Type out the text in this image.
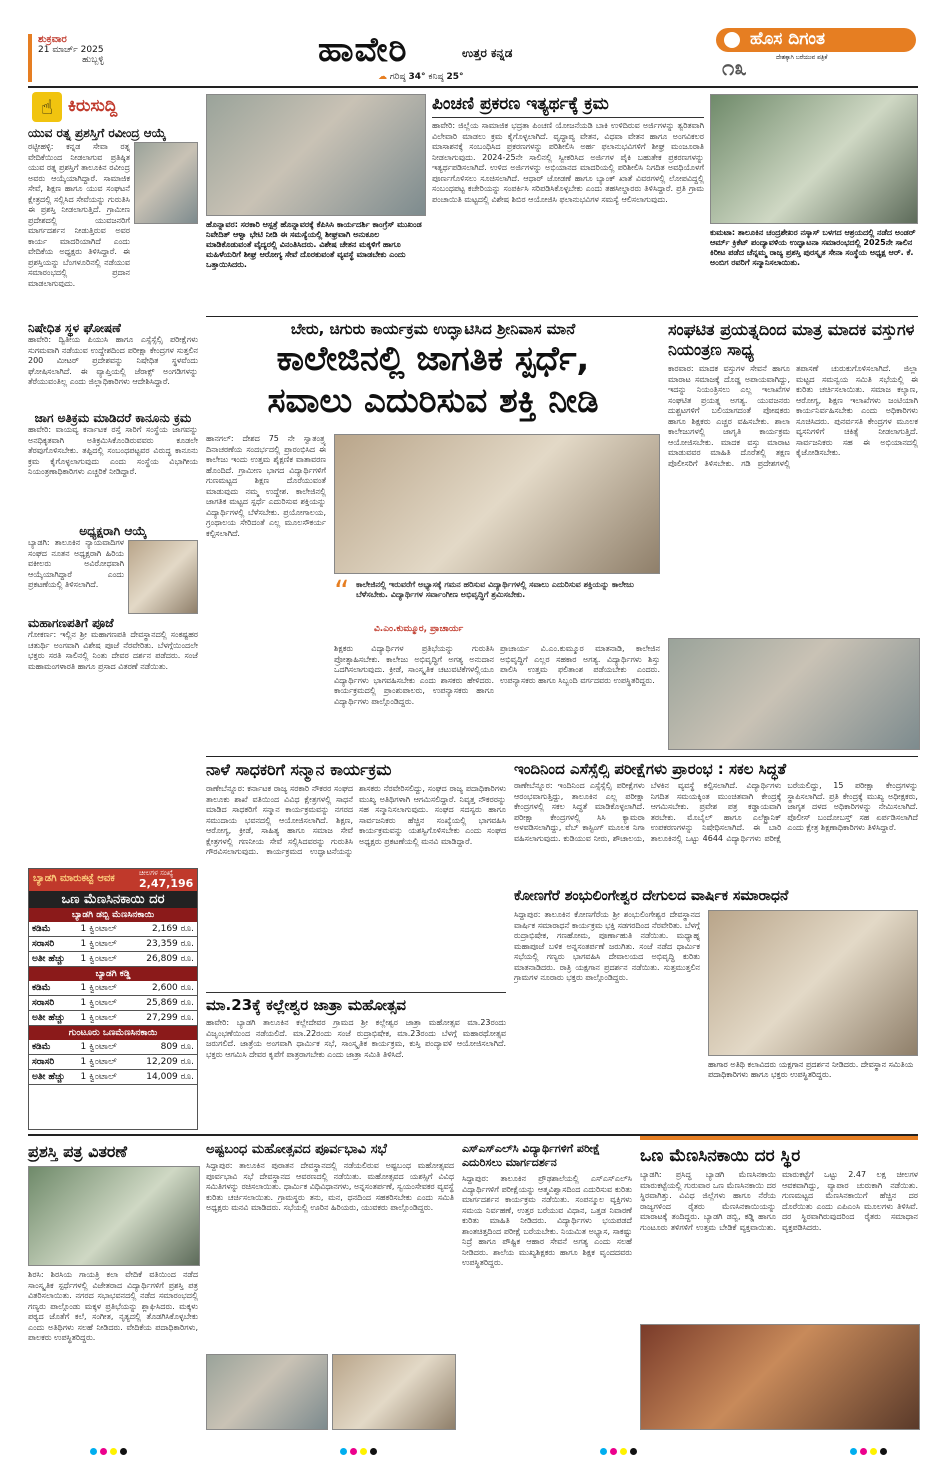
ಶುಕ್ರವಾರ
21 ಮಾರ್ಚ್ 2025
ಹುಬ್ಬಳ್ಳಿ	ಹಾವೇರಿ	ಉತ್ತರ ಕನ್ನಡ
☁ ಗರಿಷ್ಠ 34° ಕನಿಷ್ಠ 25°
ಹೊಸ ದಿಗಂತ
ದೇಶಕ್ಕಾಗಿ ಬರೆಯುವ ಪತ್ರಿಕೆ
೧೩
☝ ಕಿರುಸುದ್ದಿ
ಯುವ ರತ್ನ ಪ್ರಶಸ್ತಿಗೆ ರವೀಂದ್ರ ಆಯ್ಕೆ
ರಟ್ಟೀಹಳ್ಳಿ: ಕನ್ನಡ ಸೇವಾ ರತ್ನ ವೇದಿಕೆಯಿಂದ ನೀಡಲಾಗುವ ಪ್ರತಿಷ್ಠಿತ ಯುವ ರತ್ನ ಪ್ರಶಸ್ತಿಗೆ ತಾಲೂಕಿನ ರವೀಂದ್ರ ಅವರು ಆಯ್ಕೆಯಾಗಿದ್ದಾರೆ. ಸಾಮಾಜಿಕ ಸೇವೆ, ಶಿಕ್ಷಣ ಹಾಗೂ ಯುವ ಸಂಘಟನೆ ಕ್ಷೇತ್ರದಲ್ಲಿ ಸಲ್ಲಿಸಿದ ಸೇವೆಯನ್ನು ಗುರುತಿಸಿ ಈ ಪ್ರಶಸ್ತಿ ನೀಡಲಾಗುತ್ತಿದೆ. ಗ್ರಾಮೀಣ ಪ್ರದೇಶದಲ್ಲಿ ಯುವಜನರಿಗೆ ಮಾರ್ಗದರ್ಶನ ನೀಡುತ್ತಿರುವ ಅವರ ಕಾರ್ಯ ಮಾದರಿಯಾಗಿದೆ ಎಂದು ವೇದಿಕೆಯ ಅಧ್ಯಕ್ಷರು ತಿಳಿಸಿದ್ದಾರೆ. ಈ ಪ್ರಶಸ್ತಿಯನ್ನು ಬೆಂಗಳೂರಿನಲ್ಲಿ ನಡೆಯುವ ಸಮಾರಂಭದಲ್ಲಿ ಪ್ರದಾನ ಮಾಡಲಾಗುವುದು.
ನಿಷೇಧಿತ ಸ್ಥಳ ಘೋಷಣೆ
ಹಾವೇರಿ: ದ್ವಿತೀಯ ಪಿಯುಸಿ ಹಾಗೂ ಎಸ್ಸೆಸ್ಸೆಲ್ಸಿ ಪರೀಕ್ಷೆಗಳು ಸುಗಮವಾಗಿ ನಡೆಯುವ ಉದ್ದೇಶದಿಂದ ಪರೀಕ್ಷಾ ಕೇಂದ್ರಗಳ ಸುತ್ತಲಿನ 200 ಮೀಟರ್ ಪ್ರದೇಶವನ್ನು ನಿಷೇಧಿತ ಸ್ಥಳವೆಂದು ಘೋಷಿಸಲಾಗಿದೆ. ಈ ವ್ಯಾಪ್ತಿಯಲ್ಲಿ ಜೆರಾಕ್ಸ್ ಅಂಗಡಿಗಳನ್ನು ತೆರೆಯುವಂತಿಲ್ಲ ಎಂದು ಜಿಲ್ಲಾಧಿಕಾರಿಗಳು ಆದೇಶಿಸಿದ್ದಾರೆ.
ಜಾಗ ಅತಿಕ್ರಮ ಮಾಡಿದರೆ ಕಾನೂನು ಕ್ರಮ
ಹಾವೇರಿ: ವಾಯವ್ಯ ಕರ್ನಾಟಕ ರಸ್ತೆ ಸಾರಿಗೆ ಸಂಸ್ಥೆಯ ಜಾಗವನ್ನು ಅನಧಿಕೃತವಾಗಿ ಅತಿಕ್ರಮಿಸಿಕೊಂಡಿರುವವರು ಕೂಡಲೇ ತೆರವುಗೊಳಿಸಬೇಕು. ತಪ್ಪಿದಲ್ಲಿ ಸಂಬಂಧಪಟ್ಟವರ ವಿರುದ್ಧ ಕಾನೂನು ಕ್ರಮ ಕೈಗೊಳ್ಳಲಾಗುವುದು ಎಂದು ಸಂಸ್ಥೆಯ ವಿಭಾಗೀಯ ನಿಯಂತ್ರಣಾಧಿಕಾರಿಗಳು ಎಚ್ಚರಿಕೆ ನೀಡಿದ್ದಾರೆ.
ಅಧ್ಯಕ್ಷರಾಗಿ ಆಯ್ಕೆ
ಬ್ಯಾಡಗಿ: ತಾಲೂಕಿನ ನ್ಯಾಯವಾದಿಗಳ ಸಂಘದ ನೂತನ ಅಧ್ಯಕ್ಷರಾಗಿ ಹಿರಿಯ ವಕೀಲರು ಅವಿರೋಧವಾಗಿ ಆಯ್ಕೆಯಾಗಿದ್ದಾರೆ ಎಂದು ಪ್ರಕಟಣೆಯಲ್ಲಿ ತಿಳಿಸಲಾಗಿದೆ.
ಮಹಾಗಣಪತಿಗೆ ಪೂಜೆ
ಗೋಕರ್ಣ: ಇಲ್ಲಿನ ಶ್ರೀ ಮಹಾಗಣಪತಿ ದೇವಸ್ಥಾನದಲ್ಲಿ ಸಂಕಷ್ಟಹರ ಚತುರ್ಥಿ ಅಂಗವಾಗಿ ವಿಶೇಷ ಪೂಜೆ ನೆರವೇರಿತು. ಬೆಳಗ್ಗೆಯಿಂದಲೇ ಭಕ್ತರು ಸರತಿ ಸಾಲಿನಲ್ಲಿ ನಿಂತು ದೇವರ ದರ್ಶನ ಪಡೆದರು. ಸಂಜೆ ಮಹಾಮಂಗಳಾರತಿ ಹಾಗೂ ಪ್ರಸಾದ ವಿತರಣೆ ನಡೆಯಿತು.
ಬ್ಯಾಡಗಿ ಮಾರುಕಟ್ಟೆ ಆವಕ	ಚೀಲಗಳ ಸಂಖ್ಯೆ
2,47,196
ಒಣ ಮೆಣಸಿನಕಾಯಿ ದರ
ಬ್ಯಾಡಗಿ ಡಬ್ಬಿ ಮೆಣಸಿನಕಾಯಿ
ಕಡಿಮೆ	1 ಕ್ವಿಂಟಾಲ್	2,169 ರೂ.
ಸರಾಸರಿ	1 ಕ್ವಿಂಟಾಲ್	23,359 ರೂ.
ಅತೀ ಹೆಚ್ಚು	1 ಕ್ವಿಂಟಾಲ್	26,809 ರೂ.
ಬ್ಯಾಡಗಿ ಕಡ್ಡಿ
ಕಡಿಮೆ	1 ಕ್ವಿಂಟಾಲ್	2,600 ರೂ.
ಸರಾಸರಿ	1 ಕ್ವಿಂಟಾಲ್	25,869 ರೂ.
ಅತೀ ಹೆಚ್ಚು	1 ಕ್ವಿಂಟಾಲ್	27,299 ರೂ.
ಗುಂಟೂರು ಒಣಮೆಣಸಿನಕಾಯಿ
ಕಡಿಮೆ	1 ಕ್ವಿಂಟಾಲ್	809 ರೂ.
ಸರಾಸರಿ	1 ಕ್ವಿಂಟಾಲ್	12,209 ರೂ.
ಅತೀ ಹೆಚ್ಚು	1 ಕ್ವಿಂಟಾಲ್	14,009 ರೂ.
ಹೊನ್ನಾವರ: ಸರಕಾರಿ ಆಸ್ಪತ್ರೆ ಹೊನ್ನಾವರಕ್ಕೆ ಕೆಪಿಸಿಸಿ ಕಾರ್ಯದರ್ಶಿ ಕಾಂಗ್ರೆಸ್ ಮುಖಂಡ ನಿವೇದಿತ್ ಆಳ್ವಾ ಭೇಟಿ ನೀಡಿ ಈ ಸಮಸ್ಯೆಯಲ್ಲಿ ಶೀಘ್ರವಾಗಿ ಅನುಕೂಲ ಮಾಡಿಕೊಡುವಂತೆ ವೈದ್ಯರಲ್ಲಿ ವಿನಂತಿಸಿದರು. ವಿಶೇಷ ಚೇತನ ಮಕ್ಕಳಿಗೆ ಹಾಗೂ ಮಹಿಳೆಯರಿಗೆ ಶೀಘ್ರ ಆರೋಗ್ಯ ಸೇವೆ ದೊರಕುವಂತೆ ವ್ಯವಸ್ಥೆ ಮಾಡಬೇಕು ಎಂದು ಒತ್ತಾಯಿಸಿದರು.
ಪಿಂಚಣಿ ಪ್ರಕರಣ ಇತ್ಯರ್ಥಕ್ಕೆ ಕ್ರಮ
ಹಾವೇರಿ: ಜಿಲ್ಲೆಯ ಸಾಮಾಜಿಕ ಭದ್ರತಾ ಪಿಂಚಣಿ ಯೋಜನೆಯಡಿ ಬಾಕಿ ಉಳಿದಿರುವ ಅರ್ಜಿಗಳನ್ನು ತ್ವರಿತವಾಗಿ ವಿಲೇವಾರಿ ಮಾಡಲು ಕ್ರಮ ಕೈಗೊಳ್ಳಲಾಗಿದೆ. ವೃದ್ಧಾಪ್ಯ ವೇತನ, ವಿಧವಾ ವೇತನ ಹಾಗೂ ಅಂಗವಿಕಲರ ಮಾಸಾಶನಕ್ಕೆ ಸಂಬಂಧಿಸಿದ ಪ್ರಕರಣಗಳನ್ನು ಪರಿಶೀಲಿಸಿ ಅರ್ಹ ಫಲಾನುಭವಿಗಳಿಗೆ ಶೀಘ್ರ ಮಂಜೂರಾತಿ ನೀಡಲಾಗುವುದು. 2024-25ನೇ ಸಾಲಿನಲ್ಲಿ ಸ್ವೀಕರಿಸಿದ ಅರ್ಜಿಗಳ ಪೈಕಿ ಬಹುತೇಕ ಪ್ರಕರಣಗಳನ್ನು ಇತ್ಯರ್ಥಪಡಿಸಲಾಗಿದೆ. ಉಳಿದ ಅರ್ಜಿಗಳನ್ನು ಅಭಿಯಾನದ ಮಾದರಿಯಲ್ಲಿ ಪರಿಶೀಲಿಸಿ ನಿಗದಿತ ಅವಧಿಯೊಳಗೆ ಪೂರ್ಣಗೊಳಿಸಲು ಸೂಚಿಸಲಾಗಿದೆ. ಆಧಾರ್ ಜೋಡಣೆ ಹಾಗೂ ಬ್ಯಾಂಕ್ ಖಾತೆ ವಿವರಗಳಲ್ಲಿ ಲೋಪವಿದ್ದಲ್ಲಿ ಸಂಬಂಧಪಟ್ಟ ಕಚೇರಿಯನ್ನು ಸಂಪರ್ಕಿಸಿ ಸರಿಪಡಿಸಿಕೊಳ್ಳಬೇಕು ಎಂದು ತಹಸೀಲ್ದಾರರು ತಿಳಿಸಿದ್ದಾರೆ. ಪ್ರತಿ ಗ್ರಾಮ ಪಂಚಾಯಿತಿ ಮಟ್ಟದಲ್ಲಿ ವಿಶೇಷ ಶಿಬಿರ ಆಯೋಜಿಸಿ ಫಲಾನುಭವಿಗಳ ಸಮಸ್ಯೆ ಆಲಿಸಲಾಗುವುದು.
ಕುಮಟಾ: ತಾಲೂಕಿನ ಚಂದ್ರಶೇಖರ ನಸ್ಕಾಸ್ ಬಳಗದ ಆಶ್ರಯದಲ್ಲಿ ನಡೆದ ಅಂಡರ್ ಆರ್ಮ್ ಕ್ರಿಕೆಟ್ ಪಂದ್ಯಾವಳಿಯ ಉದ್ಘಾಟನಾ ಸಮಾರಂಭದಲ್ಲಿ 2025ನೇ ಸಾಲಿನ ಕಿರೀಟ ಪಡೆದ ಚೆನ್ನಮ್ಮ ರಾಜ್ಯ ಪ್ರಶಸ್ತಿ ಪುರಸ್ಕೃತ ಸೇನಾ ಸಂಸ್ಥೆಯ ಅಧ್ಯಕ್ಷ ಆರ್. ಕೆ. ಅಂಬಿಗ ರವರಿಗೆ ಸನ್ಮಾನಿಸಲಾಯಿತು.
ಬೇರು, ಚಿಗುರು ಕಾರ್ಯಕ್ರಮ ಉದ್ಘಾಟಿಸಿದ ಶ್ರೀನಿವಾಸ ಮಾನೆ
ಕಾಲೇಜಿನಲ್ಲಿ ಜಾಗತಿಕ ಸ್ಪರ್ಧೆ,
ಸವಾಲು ಎದುರಿಸುವ ಶಕ್ತಿ ನೀಡಿ
ಹಾನಗಲ್: ದೇಶದ 75 ನೇ ಸ್ವಾತಂತ್ರ್ಯ ದಿನಾಚರಣೆಯ ಸಂದರ್ಭದಲ್ಲಿ ಪ್ರಾರಂಭಿಸಿದ ಈ ಕಾಲೇಜು ಇಂದು ಉತ್ತಮ ಶೈಕ್ಷಣಿಕ ವಾತಾವರಣ ಹೊಂದಿದೆ. ಗ್ರಾಮೀಣ ಭಾಗದ ವಿದ್ಯಾರ್ಥಿಗಳಿಗೆ ಗುಣಮಟ್ಟದ ಶಿಕ್ಷಣ ದೊರೆಯುವಂತೆ ಮಾಡುವುದು ನಮ್ಮ ಉದ್ದೇಶ. ಕಾಲೇಜಿನಲ್ಲಿ ಜಾಗತಿಕ ಮಟ್ಟದ ಸ್ಪರ್ಧೆ ಎದುರಿಸುವ ಶಕ್ತಿಯನ್ನು ವಿದ್ಯಾರ್ಥಿಗಳಲ್ಲಿ ಬೆಳೆಸಬೇಕು. ಪ್ರಯೋಗಾಲಯ, ಗ್ರಂಥಾಲಯ ಸೇರಿದಂತೆ ಎಲ್ಲ ಮೂಲಸೌಕರ್ಯ ಕಲ್ಪಿಸಲಾಗಿದೆ.
“ ಕಾಲೇಜಿನಲ್ಲಿ ಇರುವರೆಗೆ ಅಭ್ಯಾಸಕ್ಕೆ ಗಮನ ಹರಿಸುವ ವಿದ್ಯಾರ್ಥಿಗಳಲ್ಲಿ ಸವಾಲು ಎದುರಿಸುವ ಶಕ್ತಿಯನ್ನು ಕಾಲೇಜು ಬೆಳೆಸಬೇಕು. ವಿದ್ಯಾರ್ಥಿಗಳ ಸರ್ವಾಂಗೀಣ ಅಭಿವೃದ್ಧಿಗೆ ಶ್ರಮಿಸಬೇಕು.
ವಿ.ಎಂ.ಕುಮ್ಮೂರ, ಪ್ರಾಚಾರ್ಯ
ಶಿಕ್ಷಕರು ವಿದ್ಯಾರ್ಥಿಗಳ ಪ್ರತಿಭೆಯನ್ನು ಗುರುತಿಸಿ ಪ್ರೋತ್ಸಾಹಿಸಬೇಕು. ಕಾಲೇಜು ಅಭಿವೃದ್ಧಿಗೆ ಅಗತ್ಯ ಅನುದಾನ ಒದಗಿಸಲಾಗುವುದು. ಕ್ರೀಡೆ, ಸಾಂಸ್ಕೃತಿಕ ಚಟುವಟಿಕೆಗಳಲ್ಲಿಯೂ ವಿದ್ಯಾರ್ಥಿಗಳು ಭಾಗವಹಿಸಬೇಕು ಎಂದು ಶಾಸಕರು ಹೇಳಿದರು. ಕಾರ್ಯಕ್ರಮದಲ್ಲಿ ಪ್ರಾಂಶುಪಾಲರು, ಉಪನ್ಯಾಸಕರು ಹಾಗೂ ವಿದ್ಯಾರ್ಥಿಗಳು ಪಾಲ್ಗೊಂಡಿದ್ದರು.
ಪ್ರಾಚಾರ್ಯ ವಿ.ಎಂ.ಕುಮ್ಮೂರ ಮಾತನಾಡಿ, ಕಾಲೇಜಿನ ಅಭಿವೃದ್ಧಿಗೆ ಎಲ್ಲರ ಸಹಕಾರ ಅಗತ್ಯ. ವಿದ್ಯಾರ್ಥಿಗಳು ಶಿಸ್ತು ಪಾಲಿಸಿ ಉತ್ತಮ ಫಲಿತಾಂಶ ಪಡೆಯಬೇಕು ಎಂದರು. ಉಪನ್ಯಾಸಕರು ಹಾಗೂ ಸಿಬ್ಬಂದಿ ವರ್ಗದವರು ಉಪಸ್ಥಿತರಿದ್ದರು.
ಸಂಘಟಿತ ಪ್ರಯತ್ನದಿಂದ ಮಾತ್ರ ಮಾದಕ ವಸ್ತುಗಳ ನಿಯಂತ್ರಣ ಸಾಧ್ಯ
ಕಾರವಾರ: ಮಾದಕ ವಸ್ತುಗಳ ಸೇವನೆ ಹಾಗೂ ಮಾರಾಟ ಸಮಾಜಕ್ಕೆ ದೊಡ್ಡ ಅಪಾಯವಾಗಿದ್ದು, ಇದನ್ನು ನಿಯಂತ್ರಿಸಲು ಎಲ್ಲ ಇಲಾಖೆಗಳ ಸಂಘಟಿತ ಪ್ರಯತ್ನ ಅಗತ್ಯ. ಯುವಜನರು ದುಶ್ಚಟಗಳಿಗೆ ಬಲಿಯಾಗದಂತೆ ಪೋಷಕರು ಹಾಗೂ ಶಿಕ್ಷಕರು ಎಚ್ಚರ ವಹಿಸಬೇಕು. ಶಾಲಾ ಕಾಲೇಜುಗಳಲ್ಲಿ ಜಾಗೃತಿ ಕಾರ್ಯಕ್ರಮ ಆಯೋಜಿಸಬೇಕು. ಮಾದಕ ವಸ್ತು ಮಾರಾಟ ಮಾಡುವವರ ಮಾಹಿತಿ ದೊರೆತಲ್ಲಿ ತಕ್ಷಣ ಪೊಲೀಸರಿಗೆ ತಿಳಿಸಬೇಕು. ಗಡಿ ಪ್ರದೇಶಗಳಲ್ಲಿ ತಪಾಸಣೆ ಚುರುಕುಗೊಳಿಸಲಾಗಿದೆ. ಜಿಲ್ಲಾ ಮಟ್ಟದ ಸಮನ್ವಯ ಸಮಿತಿ ಸಭೆಯಲ್ಲಿ ಈ ಕುರಿತು ಚರ್ಚಿಸಲಾಯಿತು. ಸಮಾಜ ಕಲ್ಯಾಣ, ಆರೋಗ್ಯ, ಶಿಕ್ಷಣ ಇಲಾಖೆಗಳು ಜಂಟಿಯಾಗಿ ಕಾರ್ಯನಿರ್ವಹಿಸಬೇಕು ಎಂದು ಅಧಿಕಾರಿಗಳು ಸೂಚಿಸಿದರು. ಪುನರ್ವಸತಿ ಕೇಂದ್ರಗಳ ಮೂಲಕ ವ್ಯಸನಿಗಳಿಗೆ ಚಿಕಿತ್ಸೆ ನೀಡಲಾಗುತ್ತಿದೆ. ಸಾರ್ವಜನಿಕರು ಸಹ ಈ ಅಭಿಯಾನದಲ್ಲಿ ಕೈಜೋಡಿಸಬೇಕು.
ನಾಳೆ ಸಾಧಕರಿಗೆ ಸನ್ಮಾನ ಕಾರ್ಯಕ್ರಮ
ರಾಣೇಬೆನ್ನೂರ: ಕರ್ನಾಟಕ ರಾಜ್ಯ ಸರಕಾರಿ ನೌಕರರ ಸಂಘದ ತಾಲೂಕು ಶಾಖೆ ವತಿಯಿಂದ ವಿವಿಧ ಕ್ಷೇತ್ರಗಳಲ್ಲಿ ಸಾಧನೆ ಮಾಡಿದ ಸಾಧಕರಿಗೆ ಸನ್ಮಾನ ಕಾರ್ಯಕ್ರಮವನ್ನು ನಗರದ ಸಮುದಾಯ ಭವನದಲ್ಲಿ ಆಯೋಜಿಸಲಾಗಿದೆ. ಶಿಕ್ಷಣ, ಆರೋಗ್ಯ, ಕ್ರೀಡೆ, ಸಾಹಿತ್ಯ ಹಾಗೂ ಸಮಾಜ ಸೇವೆ ಕ್ಷೇತ್ರಗಳಲ್ಲಿ ಗಣನೀಯ ಸೇವೆ ಸಲ್ಲಿಸಿದವರನ್ನು ಗುರುತಿಸಿ ಗೌರವಿಸಲಾಗುವುದು. ಕಾರ್ಯಕ್ರಮದ ಉದ್ಘಾಟನೆಯನ್ನು ಶಾಸಕರು ನೆರವೇರಿಸಲಿದ್ದು, ಸಂಘದ ರಾಜ್ಯ ಪದಾಧಿಕಾರಿಗಳು ಮುಖ್ಯ ಅತಿಥಿಗಳಾಗಿ ಆಗಮಿಸಲಿದ್ದಾರೆ. ನಿವೃತ್ತ ನೌಕರರನ್ನು ಸಹ ಸನ್ಮಾನಿಸಲಾಗುವುದು. ಸಂಘದ ಸದಸ್ಯರು ಹಾಗೂ ಸಾರ್ವಜನಿಕರು ಹೆಚ್ಚಿನ ಸಂಖ್ಯೆಯಲ್ಲಿ ಭಾಗವಹಿಸಿ ಕಾರ್ಯಕ್ರಮವನ್ನು ಯಶಸ್ವಿಗೊಳಿಸಬೇಕು ಎಂದು ಸಂಘದ ಅಧ್ಯಕ್ಷರು ಪ್ರಕಟಣೆಯಲ್ಲಿ ಮನವಿ ಮಾಡಿದ್ದಾರೆ.
ಇಂದಿನಿಂದ ಎಸೆಸ್ಸೆಲ್ಸಿ ಪರೀಕ್ಷೆಗಳು ಪ್ರಾರಂಭ : ಸಕಲ ಸಿದ್ಧತೆ
ರಾಣೇಬೆನ್ನೂರ: ಇಂದಿನಿಂದ ಎಸ್ಸೆಸ್ಸೆಲ್ಸಿ ಪರೀಕ್ಷೆಗಳು ಆರಂಭವಾಗುತ್ತಿದ್ದು, ತಾಲೂಕಿನ ಎಲ್ಲ ಪರೀಕ್ಷಾ ಕೇಂದ್ರಗಳಲ್ಲಿ ಸಕಲ ಸಿದ್ಧತೆ ಮಾಡಿಕೊಳ್ಳಲಾಗಿದೆ. ಪರೀಕ್ಷಾ ಕೇಂದ್ರಗಳಲ್ಲಿ ಸಿಸಿ ಕ್ಯಾಮರಾ ಅಳವಡಿಸಲಾಗಿದ್ದು, ವೆಬ್ ಕಾಸ್ಟಿಂಗ್ ಮೂಲಕ ನಿಗಾ ವಹಿಸಲಾಗುವುದು. ಕುಡಿಯುವ ನೀರು, ಶೌಚಾಲಯ, ಬೆಳಕಿನ ವ್ಯವಸ್ಥೆ ಕಲ್ಪಿಸಲಾಗಿದೆ. ವಿದ್ಯಾರ್ಥಿಗಳು ನಿಗದಿತ ಸಮಯಕ್ಕಿಂತ ಮುಂಚಿತವಾಗಿ ಕೇಂದ್ರಕ್ಕೆ ಆಗಮಿಸಬೇಕು. ಪ್ರವೇಶ ಪತ್ರ ಕಡ್ಡಾಯವಾಗಿ ತರಬೇಕು. ಮೊಬೈಲ್ ಹಾಗೂ ಎಲೆಕ್ಟ್ರಾನಿಕ್ ಉಪಕರಣಗಳನ್ನು ನಿಷೇಧಿಸಲಾಗಿದೆ. ಈ ಬಾರಿ ತಾಲೂಕಿನಲ್ಲಿ ಒಟ್ಟು 4644 ವಿದ್ಯಾರ್ಥಿಗಳು ಪರೀಕ್ಷೆ ಬರೆಯಲಿದ್ದು, 15 ಪರೀಕ್ಷಾ ಕೇಂದ್ರಗಳನ್ನು ಸ್ಥಾಪಿಸಲಾಗಿದೆ. ಪ್ರತಿ ಕೇಂದ್ರಕ್ಕೆ ಮುಖ್ಯ ಅಧೀಕ್ಷಕರು, ಜಾಗೃತ ದಳದ ಅಧಿಕಾರಿಗಳನ್ನು ನೇಮಿಸಲಾಗಿದೆ. ಪೊಲೀಸ್ ಬಂದೋಬಸ್ತ್ ಸಹ ಏರ್ಪಡಿಸಲಾಗಿದೆ ಎಂದು ಕ್ಷೇತ್ರ ಶಿಕ್ಷಣಾಧಿಕಾರಿಗಳು ತಿಳಿಸಿದ್ದಾರೆ.
ಕೋಣಗೆರೆ ಶಂಭುಲಿಂಗೇಶ್ವರ ದೇಗುಲದ ವಾರ್ಷಿಕ ಸಮಾರಾಧನೆ
ಸಿದ್ದಾಪುರ: ತಾಲೂಕಿನ ಕೋಣಗೆರೆಯ ಶ್ರೀ ಶಂಭುಲಿಂಗೇಶ್ವರ ದೇವಸ್ಥಾನದ ವಾರ್ಷಿಕ ಸಮಾರಾಧನೆ ಕಾರ್ಯಕ್ರಮ ಭಕ್ತಿ ಸಡಗರದಿಂದ ನೆರವೇರಿತು. ಬೆಳಗ್ಗೆ ರುದ್ರಾಭಿಷೇಕ, ಗಣಹೋಮ, ಪೂರ್ಣಾಹುತಿ ನಡೆಯಿತು. ಮಧ್ಯಾಹ್ನ ಮಹಾಪೂಜೆ ಬಳಿಕ ಅನ್ನಸಂತರ್ಪಣೆ ಜರುಗಿತು. ಸಂಜೆ ನಡೆದ ಧಾರ್ಮಿಕ ಸಭೆಯಲ್ಲಿ ಗಣ್ಯರು ಭಾಗವಹಿಸಿ ದೇವಾಲಯದ ಅಭಿವೃದ್ಧಿ ಕುರಿತು ಮಾತನಾಡಿದರು. ರಾತ್ರಿ ಯಕ್ಷಗಾನ ಪ್ರದರ್ಶನ ನಡೆಯಿತು. ಸುತ್ತಮುತ್ತಲಿನ ಗ್ರಾಮಗಳ ನೂರಾರು ಭಕ್ತರು ಪಾಲ್ಗೊಂಡಿದ್ದರು.
ಹಾಗಾರ ಅತಿಥಿ ಕಲಾವಿದರು ಯಕ್ಷಗಾನ ಪ್ರದರ್ಶನ ನೀಡಿದರು. ದೇವಸ್ಥಾನ ಸಮಿತಿಯ ಪದಾಧಿಕಾರಿಗಳು ಹಾಗೂ ಭಕ್ತರು ಉಪಸ್ಥಿತರಿದ್ದರು.
ಮಾ.23ಕ್ಕೆ ಕಲ್ಲೇಶ್ವರ ಜಾತ್ರಾ ಮಹೋತ್ಸವ
ಹಾವೇರಿ: ಬ್ಯಾಡಗಿ ತಾಲೂಕಿನ ಕಲ್ಲೇದೇವರ ಗ್ರಾಮದ ಶ್ರೀ ಕಲ್ಲೇಶ್ವರ ಜಾತ್ರಾ ಮಹೋತ್ಸವ ಮಾ.23ರಂದು ವಿಜೃಂಭಣೆಯಿಂದ ನಡೆಯಲಿದೆ. ಮಾ.22ರಂದು ಸಂಜೆ ರುದ್ರಾಭಿಷೇಕ, ಮಾ.23ರಂದು ಬೆಳಗ್ಗೆ ಮಹಾರಥೋತ್ಸವ ಜರುಗಲಿದೆ. ಜಾತ್ರೆಯ ಅಂಗವಾಗಿ ಧಾರ್ಮಿಕ ಸಭೆ, ಸಾಂಸ್ಕೃತಿಕ ಕಾರ್ಯಕ್ರಮ, ಕುಸ್ತಿ ಪಂದ್ಯಾವಳಿ ಆಯೋಜಿಸಲಾಗಿದೆ. ಭಕ್ತರು ಆಗಮಿಸಿ ದೇವರ ಕೃಪೆಗೆ ಪಾತ್ರರಾಗಬೇಕು ಎಂದು ಜಾತ್ರಾ ಸಮಿತಿ ತಿಳಿಸಿದೆ.
ಪ್ರಶಸ್ತಿ ಪತ್ರ ವಿತರಣೆ
ಶಿರಸಿ: ಶಿರಸಿಯ ಗಾಯತ್ರಿ ಕಲಾ ವೇದಿಕೆ ವತಿಯಿಂದ ನಡೆದ ಸಾಂಸ್ಕೃತಿಕ ಸ್ಪರ್ಧೆಗಳಲ್ಲಿ ವಿಜೇತರಾದ ವಿದ್ಯಾರ್ಥಿಗಳಿಗೆ ಪ್ರಶಸ್ತಿ ಪತ್ರ ವಿತರಿಸಲಾಯಿತು. ನಗರದ ಸಭಾಭವನದಲ್ಲಿ ನಡೆದ ಸಮಾರಂಭದಲ್ಲಿ ಗಣ್ಯರು ಪಾಲ್ಗೊಂಡು ಮಕ್ಕಳ ಪ್ರತಿಭೆಯನ್ನು ಶ್ಲಾಘಿಸಿದರು. ಮಕ್ಕಳು ಪಠ್ಯದ ಜೊತೆಗೆ ಕಲೆ, ಸಂಗೀತ, ನೃತ್ಯದಲ್ಲಿ ತೊಡಗಿಸಿಕೊಳ್ಳಬೇಕು ಎಂದು ಅತಿಥಿಗಳು ಸಲಹೆ ನೀಡಿದರು. ವೇದಿಕೆಯ ಪದಾಧಿಕಾರಿಗಳು, ಪಾಲಕರು ಉಪಸ್ಥಿತರಿದ್ದರು.
ಅಷ್ಟಬಂಧ ಮಹೋತ್ಸವದ ಪೂರ್ವಭಾವಿ ಸಭೆ
ಸಿದ್ದಾಪುರ: ತಾಲೂಕಿನ ಪುರಾತನ ದೇವಸ್ಥಾನದಲ್ಲಿ ನಡೆಯಲಿರುವ ಅಷ್ಟಬಂಧ ಮಹೋತ್ಸವದ ಪೂರ್ವಭಾವಿ ಸಭೆ ದೇವಸ್ಥಾನದ ಆವರಣದಲ್ಲಿ ನಡೆಯಿತು. ಮಹೋತ್ಸವದ ಯಶಸ್ಸಿಗೆ ವಿವಿಧ ಸಮಿತಿಗಳನ್ನು ರಚಿಸಲಾಯಿತು. ಧಾರ್ಮಿಕ ವಿಧಿವಿಧಾನಗಳು, ಅನ್ನಸಂತರ್ಪಣೆ, ಸ್ವಯಂಸೇವಕರ ವ್ಯವಸ್ಥೆ ಕುರಿತು ಚರ್ಚಿಸಲಾಯಿತು. ಗ್ರಾಮಸ್ಥರು ತನು, ಮನ, ಧನದಿಂದ ಸಹಕರಿಸಬೇಕು ಎಂದು ಸಮಿತಿ ಅಧ್ಯಕ್ಷರು ಮನವಿ ಮಾಡಿದರು. ಸಭೆಯಲ್ಲಿ ಊರಿನ ಹಿರಿಯರು, ಯುವಕರು ಪಾಲ್ಗೊಂಡಿದ್ದರು.
ಎಸ್‌ಎಸ್‌ಎಲ್‌ಸಿ ವಿದ್ಯಾರ್ಥಿಗಳಿಗೆ ಪರೀಕ್ಷೆ ಎದುರಿಸಲು ಮಾರ್ಗದರ್ಶನ
ಸಿದ್ದಾಪುರ: ತಾಲೂಕಿನ ಪ್ರೌಢಶಾಲೆಯಲ್ಲಿ ಎಸ್‌ಎಸ್‌ಎಲ್‌ಸಿ ವಿದ್ಯಾರ್ಥಿಗಳಿಗೆ ಪರೀಕ್ಷೆಯನ್ನು ಆತ್ಮವಿಶ್ವಾಸದಿಂದ ಎದುರಿಸುವ ಕುರಿತು ಮಾರ್ಗದರ್ಶನ ಕಾರ್ಯಕ್ರಮ ನಡೆಯಿತು. ಸಂಪನ್ಮೂಲ ವ್ಯಕ್ತಿಗಳು ಸಮಯ ನಿರ್ವಹಣೆ, ಉತ್ತರ ಬರೆಯುವ ವಿಧಾನ, ಒತ್ತಡ ನಿವಾರಣೆ ಕುರಿತು ಮಾಹಿತಿ ನೀಡಿದರು. ವಿದ್ಯಾರ್ಥಿಗಳು ಭಯಪಡದೆ ಶಾಂತಚಿತ್ತದಿಂದ ಪರೀಕ್ಷೆ ಬರೆಯಬೇಕು. ನಿಯಮಿತ ಅಭ್ಯಾಸ, ಸಾಕಷ್ಟು ನಿದ್ರೆ ಹಾಗೂ ಪೌಷ್ಟಿಕ ಆಹಾರ ಸೇವನೆ ಅಗತ್ಯ ಎಂದು ಸಲಹೆ ನೀಡಿದರು. ಶಾಲೆಯ ಮುಖ್ಯಶಿಕ್ಷಕರು ಹಾಗೂ ಶಿಕ್ಷಕ ವೃಂದದವರು ಉಪಸ್ಥಿತರಿದ್ದರು.
ಒಣ ಮೆಣಸಿನಕಾಯಿ ದರ ಸ್ಥಿರ
ಬ್ಯಾಡಗಿ: ಪ್ರಸಿದ್ಧ ಬ್ಯಾಡಗಿ ಮೆಣಸಿನಕಾಯಿ ಮಾರುಕಟ್ಟೆಯಲ್ಲಿ ಗುರುವಾರ ಒಣ ಮೆಣಸಿನಕಾಯಿ ದರ ಸ್ಥಿರವಾಗಿತ್ತು. ವಿವಿಧ ಜಿಲ್ಲೆಗಳು ಹಾಗೂ ನೆರೆಯ ರಾಜ್ಯಗಳಿಂದ ರೈತರು ಮೆಣಸಿನಕಾಯಿಯನ್ನು ಮಾರಾಟಕ್ಕೆ ತಂದಿದ್ದರು. ಬ್ಯಾಡಗಿ ಡಬ್ಬಿ, ಕಡ್ಡಿ ಹಾಗೂ ಗುಂಟೂರು ತಳಿಗಳಿಗೆ ಉತ್ತಮ ಬೇಡಿಕೆ ವ್ಯಕ್ತವಾಯಿತು. ಮಾರುಕಟ್ಟೆಗೆ ಒಟ್ಟು 2.47 ಲಕ್ಷ ಚೀಲಗಳ ಆವಕವಾಗಿದ್ದು, ವ್ಯಾಪಾರ ಚುರುಕಾಗಿ ನಡೆಯಿತು. ಗುಣಮಟ್ಟದ ಮೆಣಸಿನಕಾಯಿಗೆ ಹೆಚ್ಚಿನ ದರ ದೊರೆಯಿತು ಎಂದು ಎಪಿಎಂಸಿ ಮೂಲಗಳು ತಿಳಿಸಿವೆ. ದರ ಸ್ಥಿರವಾಗಿರುವುದರಿಂದ ರೈತರು ಸಮಾಧಾನ ವ್ಯಕ್ತಪಡಿಸಿದರು.
